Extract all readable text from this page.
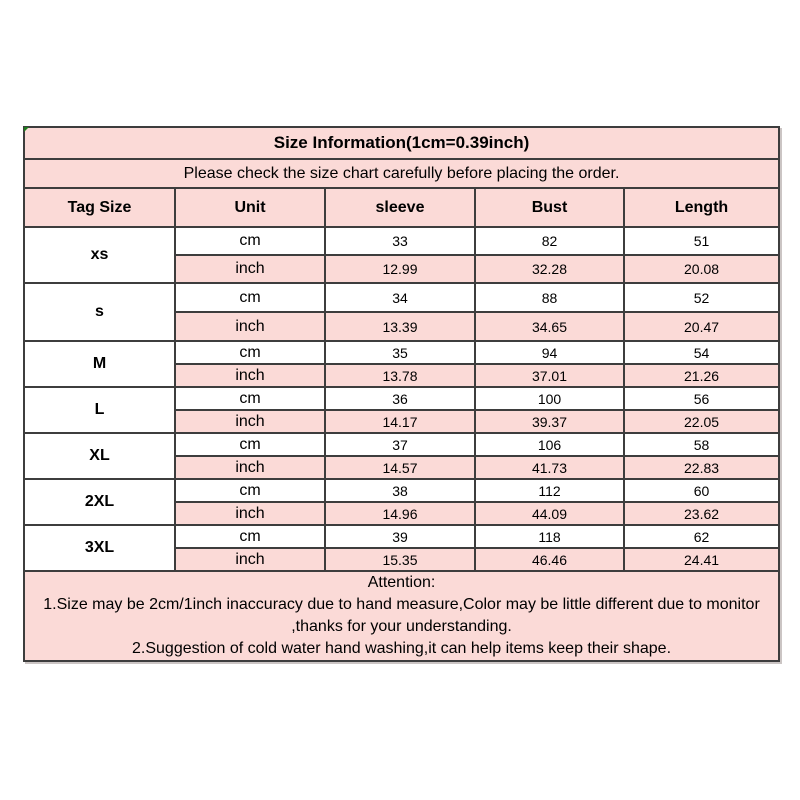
Size Information(1cm=0.39inch)				
Please check the size chart carefully before placing the order.				
Tag Size	Unit	sleeve	Bust	Length
xs	cm	33	82	51
	inch	12.99	32.28	20.08
s	cm	34	88	52
	inch	13.39	34.65	20.47
M	cm	35	94	54
	inch	13.78	37.01	21.26
L	cm	36	100	56
	inch	14.17	39.37	22.05
XL	cm	37	106	58
	inch	14.57	41.73	22.83
2XL	cm	38	112	60
	inch	14.96	44.09	23.62
3XL	cm	39	118	62
	inch	15.35	46.46	24.41

Attention:
1.Size may be 2cm/1inch inaccuracy due to hand measure,Color may be little different due to monitor
,thanks for your understanding.
2.Suggestion of cold water hand washing,it can help items keep their shape.				
